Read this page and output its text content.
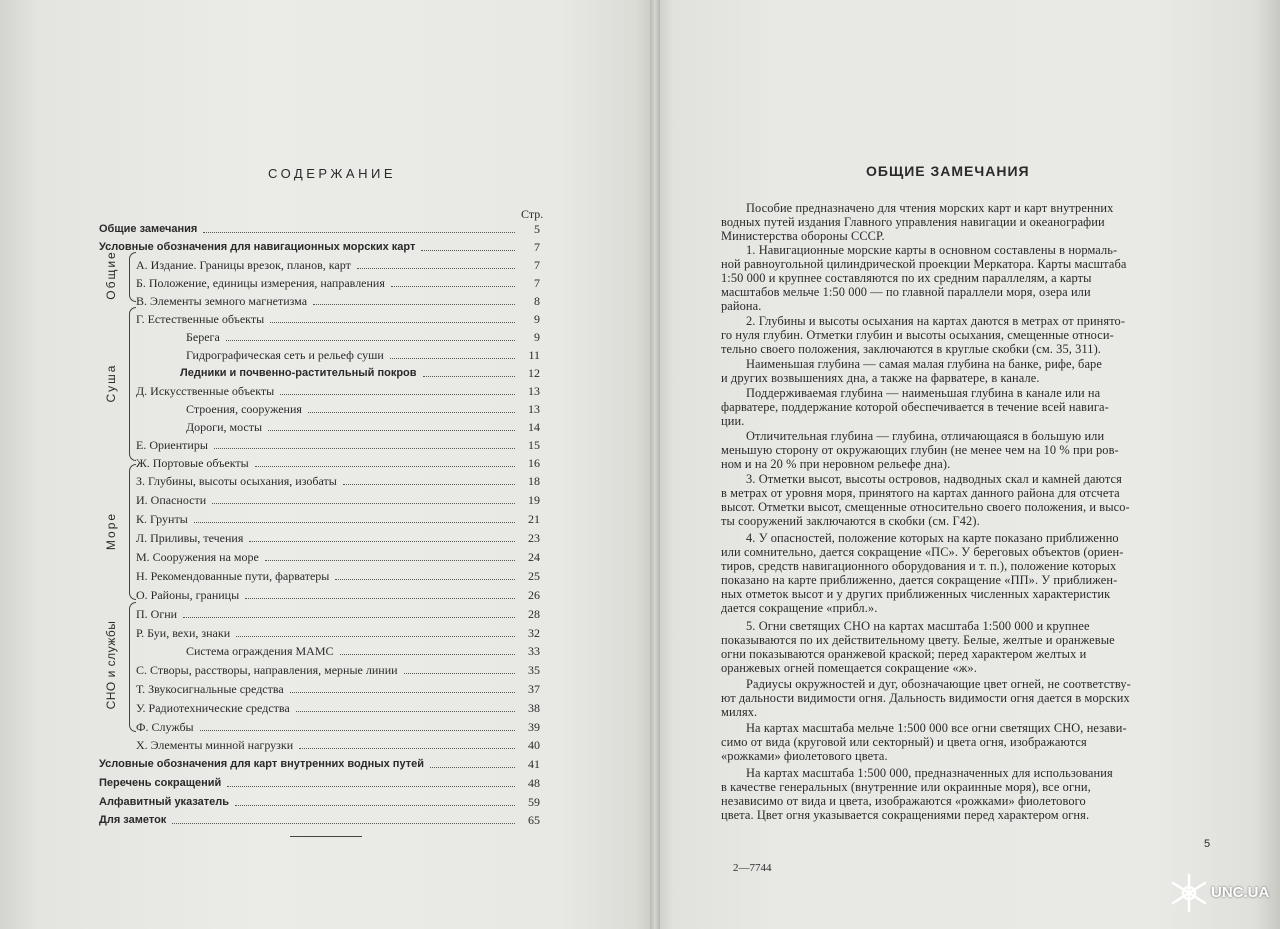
СОДЕРЖАНИЕ
Стр.
Общие замечания	5
Условные обозначения для навигационных морских карт	7
А. Издание. Границы врезок, планов, карт	7
Б. Положение, единицы измерения, направления	7
В. Элементы земного магнетизма	8
Г. Естественные объекты	9
Берега	9
Гидрографическая сеть и рельеф суши	11
Ледники и почвенно-растительный покров	12
Д. Искусственные объекты	13
Строения, сооружения	13
Дороги, мосты	14
Е. Ориентиры	15
Ж. Портовые объекты	16
З. Глубины, высоты осыхания, изобаты	18
И. Опасности	19
К. Грунты	21
Л. Приливы, течения	23
М. Сооружения на море	24
Н. Рекомендованные пути, фарватеры	25
О. Районы, границы	26
П. Огни	28
Р. Буи, вехи, знаки	32
Система ограждения МАМС	33
С. Створы, расстворы, направления, мерные линии	35
Т. Звукосигнальные средства	37
У. Радиотехнические средства	38
Ф. Службы	39
Х. Элементы минной нагрузки	40
Условные обозначения для карт внутренних водных путей	41
Перечень сокращений	48
Алфавитный указатель	59
Для заметок	65
Общие
Суша
Море
СНО и службы
ОБЩИЕ ЗАМЕЧАНИЯ
Пособие предназначено для чтения морских карт и карт внутренних
водных путей издания Главного управления навигации и океанографии
Министерства обороны СССР.
1. Навигационные морские карты в основном составлены в нормаль-
ной равноугольной цилиндрической проекции Меркатора. Карты масштаба
1:50 000 и крупнее составляются по их средним параллелям, а карты
масштабов мельче 1:50 000 — по главной параллели моря, озера или
района.
2. Глубины и высоты осыхания на картах даются в метрах от принято-
го нуля глубин. Отметки глубин и высоты осыхания, смещенные относи-
тельно своего положения, заключаются в круглые скобки (см. 35, 311).
Наименьшая глубина — самая малая глубина на банке, рифе, баре
и других возвышениях дна, а также на фарватере, в канале.
Поддерживаемая глубина — наименьшая глубина в канале или на
фарватере, поддержание которой обеспечивается в течение всей навига-
ции.
Отличительная глубина — глубина, отличающаяся в большую или
меньшую сторону от окружающих глубин (не менее чем на 10 % при ров-
ном и на 20 % при неровном рельефе дна).
3. Отметки высот, высоты островов, надводных скал и камней даются
в метрах от уровня моря, принятого на картах данного района для отсчета
высот. Отметки высот, смещенные относительно своего положения, и высо-
ты сооружений заключаются в скобки (см. Г42).
4. У опасностей, положение которых на карте показано приближенно
или сомнительно, дается сокращение «ПС». У береговых объектов (ориен-
тиров, средств навигационного оборудования и т. п.), положение которых
показано на карте приближенно, дается сокращение «ПП». У приближен-
ных отметок высот и у других приближенных численных характеристик
дается сокращение «прибл.».
5. Огни светящих СНО на картах масштаба 1:500 000 и крупнее
показываются по их действительному цвету. Белые, желтые и оранжевые
огни показываются оранжевой краской; перед характером желтых и
оранжевых огней помещается сокращение «ж».
Радиусы окружностей и дуг, обозначающие цвет огней, не соответству-
ют дальности видимости огня. Дальность видимости огня дается в морских
милях.
На картах масштаба мельче 1:500 000 все огни светящих СНО, незави-
симо от вида (круговой или секторный) и цвета огня, изображаются
«рожками» фиолетового цвета.
На картах масштаба 1:500 000, предназначенных для использования
в качестве генеральных (внутренние или окраинные моря), все огни,
независимо от вида и цвета, изображаются «рожками» фиолетового
цвета. Цвет огня указывается сокращениями перед характером огня.
5
2—7744
UNC.UA
